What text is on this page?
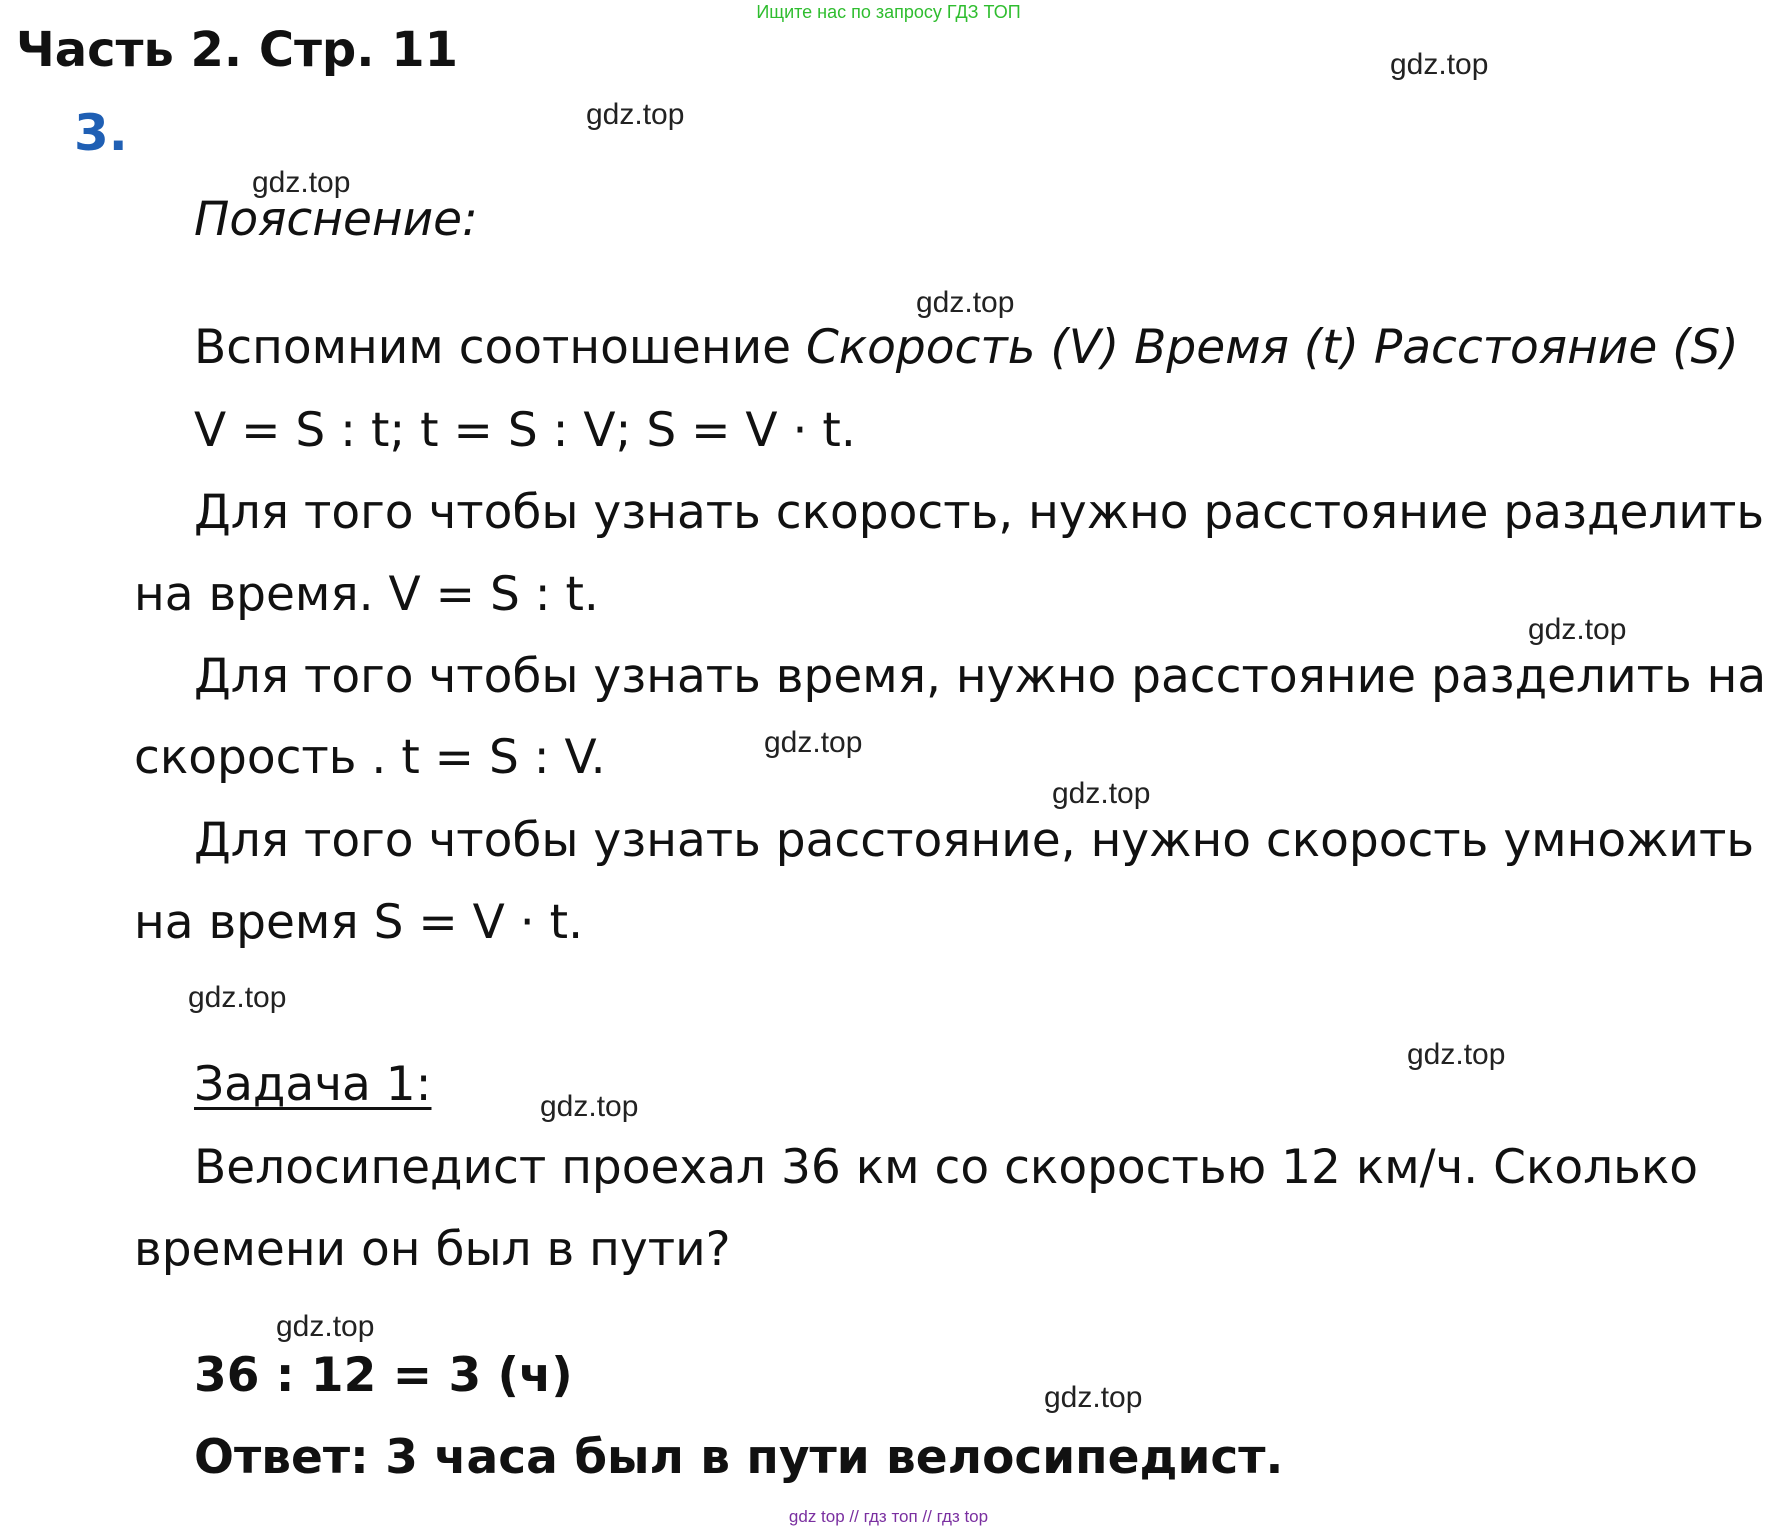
Ищите нас по запросу ГДЗ ТОП
Часть 2. Стр. 11
3.
gdz.top
gdz.top
gdz.top
gdz.top
gdz.top
gdz.top
gdz.top
gdz.top
gdz.top
gdz.top
gdz.top
gdz.top
Пояснение:
Вспомним соотношение Скорость (V) Время (t) Расстояние (S)
V = S : t; t = S : V; S = V · t.
Для того чтобы узнать скорость, нужно расстояние разделить
на время. V = S : t.
Для того чтобы узнать время, нужно расстояние разделить на
скорость . t = S : V.
Для того чтобы узнать расстояние, нужно скорость умножить
на время S = V · t.
Задача 1:
Велосипедист проехал 36 км со скоростью 12 км/ч. Сколько
времени он был в пути?
36 : 12 = 3 (ч)
Ответ: 3 часа был в пути велосипедист.
gdz top // гдз топ // гдз top
